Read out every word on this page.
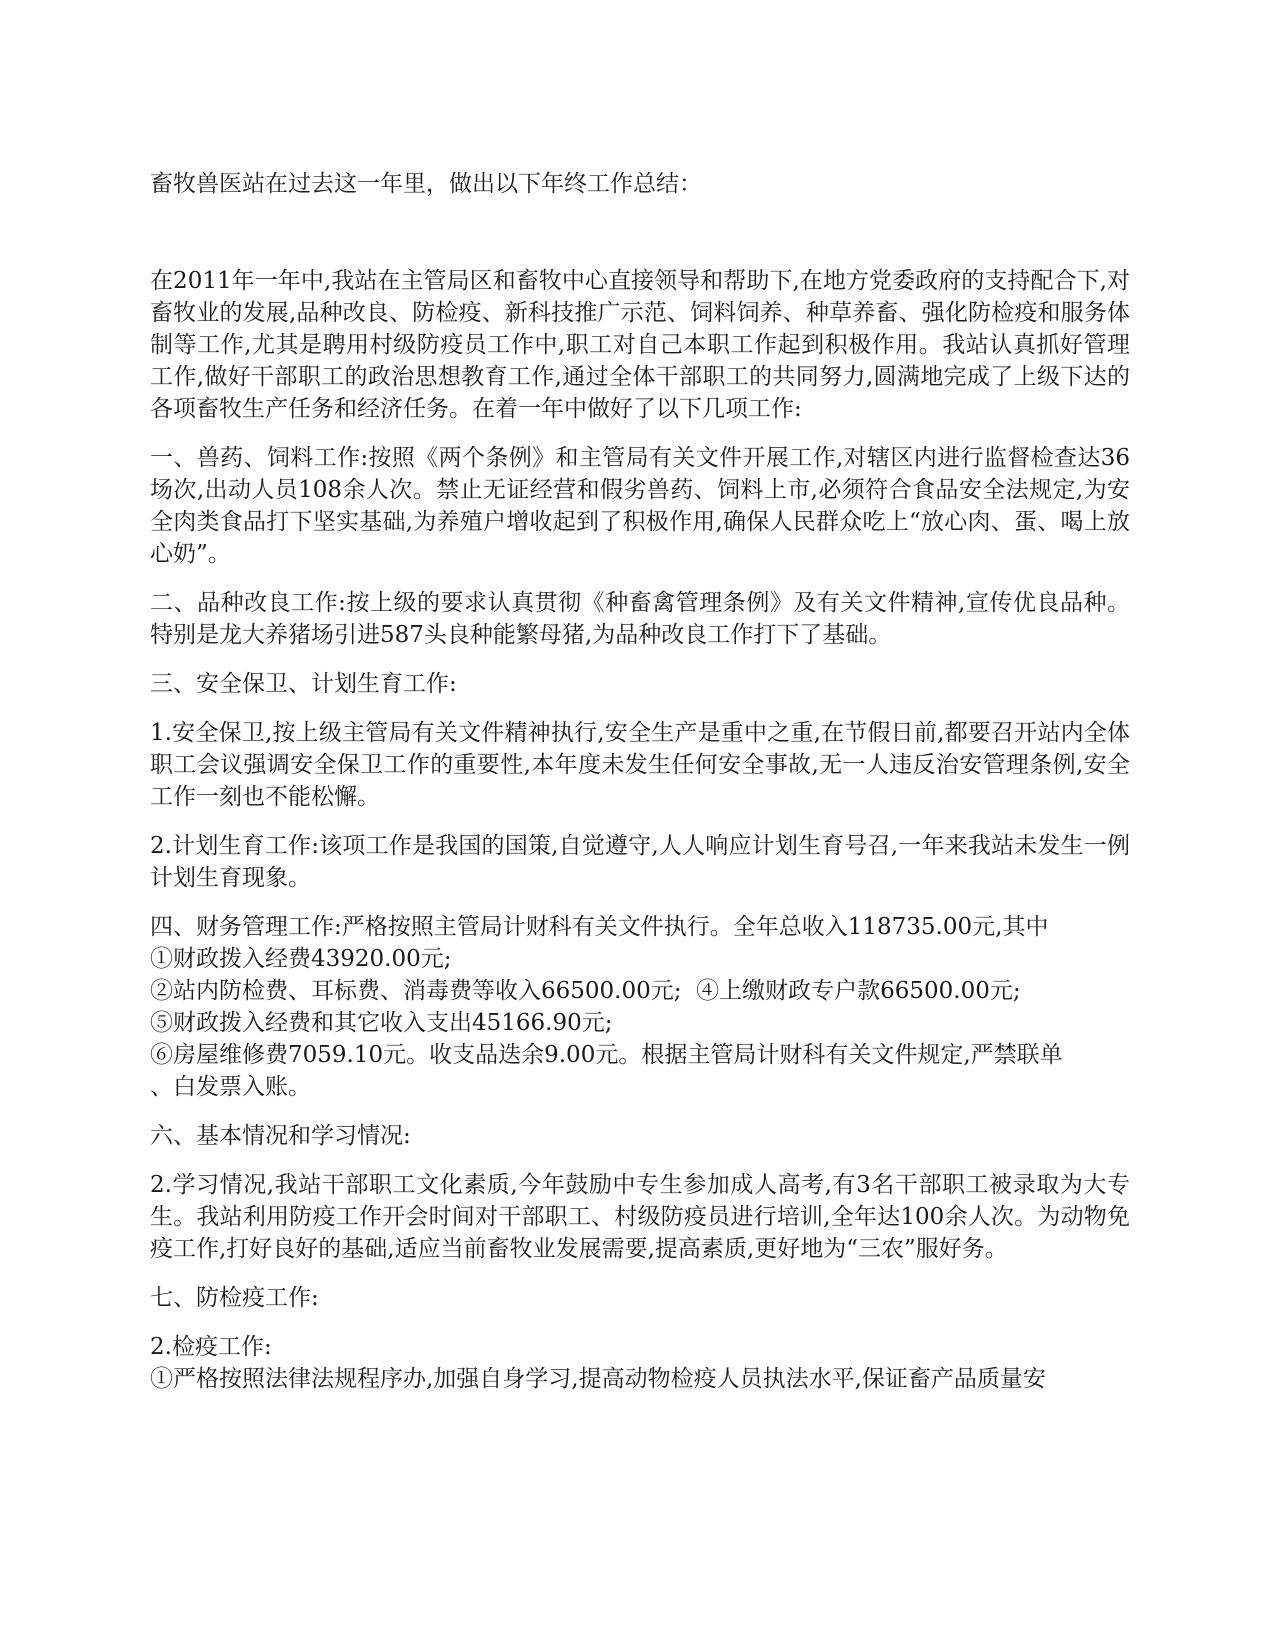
畜牧兽医站在过去这一年里，做出以下年终工作总结：

在2011年一年中,我站在主管局区和畜牧中心直接领导和帮助下,在地方党委政府的支持配合下,对畜牧业的发展,品种改良、防检疫、新科技推广示范、饲料饲养、种草养畜、强化防检疫和服务体制等工作,尤其是聘用村级防疫员工作中,职工对自己本职工作起到积极作用。我站认真抓好管理工作,做好干部职工的政治思想教育工作,通过全体干部职工的共同努力,圆满地完成了上级下达的各项畜牧生产任务和经济任务。在着一年中做好了以下几项工作:

一、兽药、饲料工作:按照《两个条例》和主管局有关文件开展工作,对辖区内进行监督检查达36场次,出动人员108余人次。禁止无证经营和假劣兽药、饲料上市,必须符合食品安全法规定,为安全肉类食品打下坚实基础,为养殖户增收起到了积极作用,确保人民群众吃上“放心肉、蛋、喝上放心奶”。

二、品种改良工作:按上级的要求认真贯彻《种畜禽管理条例》及有关文件精神,宣传优良品种。特别是龙大养猪场引进587头良种能繁母猪,为品种改良工作打下了基础。

三、安全保卫、计划生育工作:

1.安全保卫,按上级主管局有关文件精神执行,安全生产是重中之重,在节假日前,都要召开站内全体职工会议强调安全保卫工作的重要性,本年度未发生任何安全事故,无一人违反治安管理条例,安全工作一刻也不能松懈。

2.计划生育工作:该项工作是我国的国策,自觉遵守,人人响应计划生育号召,一年来我站未发生一例计划生育现象。

四、财务管理工作:严格按照主管局计财科有关文件执行。全年总收入118735.00元,其中
①财政拨入经费43920.00元;
②站内防检费、耳标费、消毒费等收入66500.00元;  ④上缴财政专户款66500.00元;
⑤财政拨入经费和其它收入支出45166.90元;
⑥房屋维修费7059.10元。收支品迭余9.00元。根据主管局计财科有关文件规定,严禁联单
、白发票入账。

六、基本情况和学习情况:

2.学习情况,我站干部职工文化素质,今年鼓励中专生参加成人高考,有3名干部职工被录取为大专生。我站利用防疫工作开会时间对干部职工、村级防疫员进行培训,全年达100余人次。为动物免疫工作,打好良好的基础,适应当前畜牧业发展需要,提高素质,更好地为“三农”服好务。

七、防检疫工作:

2.检疫工作:
①严格按照法律法规程序办,加强自身学习,提高动物检疫人员执法水平,保证畜产品质量安
